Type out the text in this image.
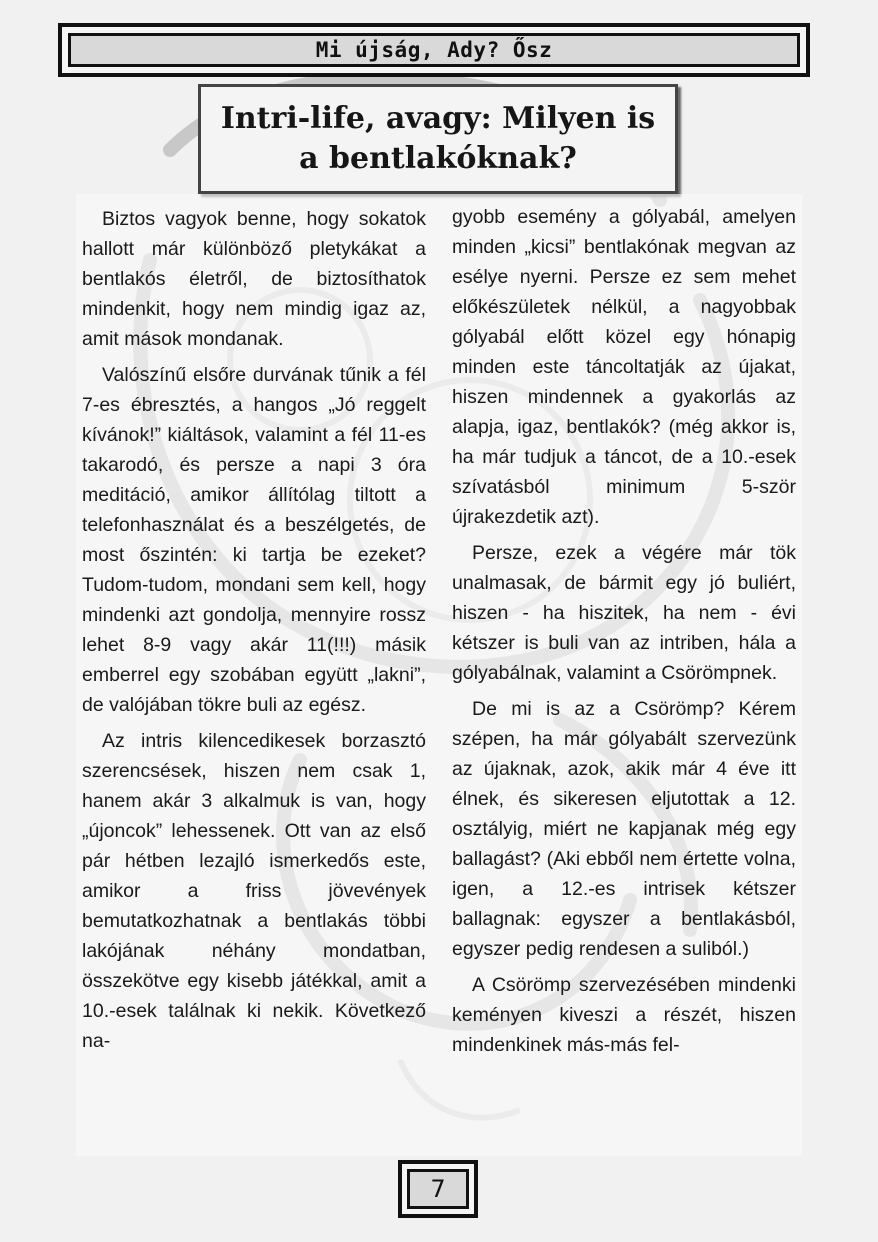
Mi újság, Ady? Ősz
Intri-life, avagy: Milyen is
a bentlakóknak?

Biztos vagyok benne, hogy sokatok hallott már különböző pletykákat a bentlakós életről, de biztosíthatok mindenkit, hogy nem mindig igaz az, amit mások mondanak.

Valószínű elsőre durvának tűnik a fél 7-es ébresztés, a hangos „Jó reggelt kívánok!” kiáltások, valamint a fél 11-es takarodó, és persze a napi 3 óra meditáció, amikor állítólag tiltott a telefonhasználat és a beszélgetés, de most őszintén: ki tartja be ezeket? Tudom-tudom, mondani sem kell, hogy mindenki azt gondolja, mennyire rossz lehet 8-9 vagy akár 11(!!!) másik emberrel egy szobában együtt „lakni”, de valójában tökre buli az egész.

Az intris kilencedikesek borzasztó szerencsések, hiszen nem csak 1, hanem akár 3 alkalmuk is van, hogy „újoncok” lehessenek. Ott van az első pár hétben lezajló ismerkedős este, amikor a friss jövevények bemutatkozhatnak a bentlakás többi lakójának néhány mondatban, összekötve egy kisebb játékkal, amit a 10.-esek találnak ki nekik. Következő na-

gyobb esemény a gólyabál, amelyen minden „kicsi” bentlakónak megvan az esélye nyerni. Persze ez sem mehet előkészületek nélkül, a nagyobbak gólyabál előtt közel egy hónapig minden este táncoltatják az újakat, hiszen mindennek a gyakorlás az alapja, igaz, bentlakók? (még akkor is, ha már tudjuk a táncot, de a 10.-esek szívatásból minimum 5-ször újrakezdetik azt).

Persze, ezek a végére már tök unalmasak, de bármit egy jó buliért, hiszen - ha hiszitek, ha nem - évi kétszer is buli van az intriben, hála a gólyabálnak, valamint a Csörömpnek.

De mi is az a Csörömp? Kérem szépen, ha már gólyabált szervezünk az újaknak, azok, akik már 4 éve itt élnek, és sikeresen eljutottak a 12. osztályig, miért ne kapjanak még egy ballagást? (Aki ebből nem értette volna, igen, a 12.-es intrisek kétszer ballagnak: egyszer a bentlakásból, egyszer pedig rendesen a suliból.)

A Csörömp szervezésében mindenki keményen kiveszi a részét, hiszen mindenkinek más-más fel-

7
